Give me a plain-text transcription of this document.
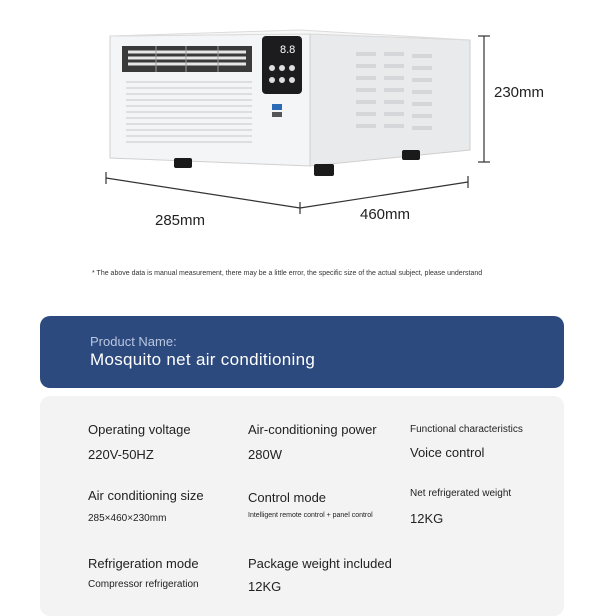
8.8
230mm
285mm	460mm
* The above data is manual measurement, there may be a little error, the specific size of the actual subject, please understand
Product Name:
Mosquito net air conditioning
Operating voltage
220V-50HZ
Air-conditioning power
280W
Functional characteristics
Voice control
Air conditioning size
285×460×230mm
Control mode
Intelligent remote control + panel control
Net refrigerated weight
12KG
Refrigeration mode
Compressor refrigeration
Package weight included
12KG
